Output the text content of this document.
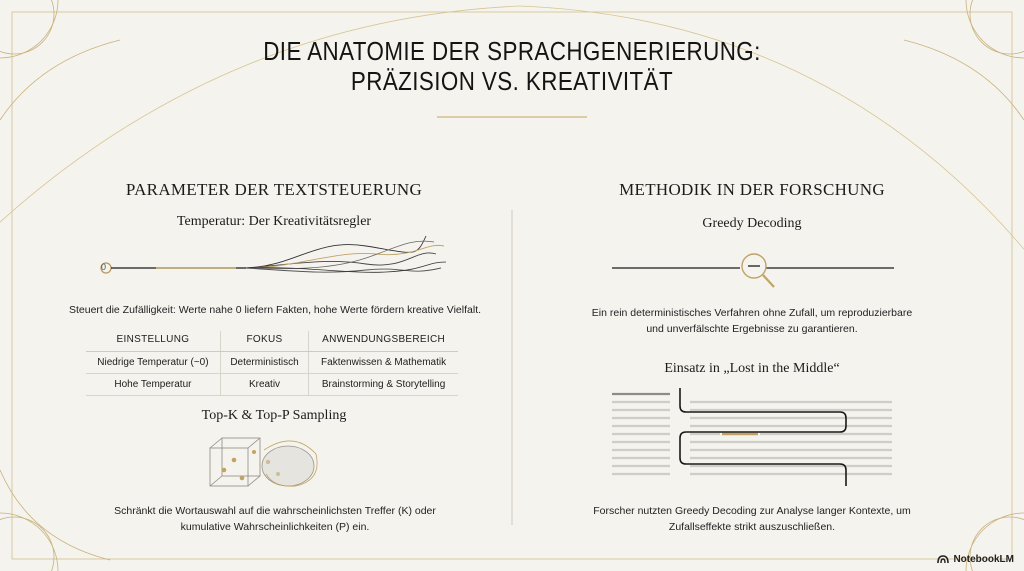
DIE ANATOMIE DER SPRACHGENERIERUNG:
PRÄZISION VS. KREATIVITÄT
PARAMETER DER TEXTSTEUERUNG
Temperatur: Der Kreativitätsregler
0
Steuert die Zufälligkeit: Werte nahe 0 liefern Fakten, hohe Werte fördern kreative Vielfalt.
EINSTELLUNG	FOKUS	ANWENDUNGSBEREICH
Niedrige Temperatur (~0)	Deterministisch	Faktenwissen & Mathematik
Hohe Temperatur	Kreativ	Brainstorming & Storytelling
Top-K & Top-P Sampling
Schränkt die Wortauswahl auf die wahrscheinlichsten Treffer (K) oder
kumulative Wahrscheinlichkeiten (P) ein.
METHODIK IN DER FORSCHUNG
Greedy Decoding
Ein rein deterministisches Verfahren ohne Zufall, um reproduzierbare
und unverfälschte Ergebnisse zu garantieren.
Einsatz in „Lost in the Middle“
Forscher nutzten Greedy Decoding zur Analyse langer Kontexte, um
Zufallseffekte strikt auszuschließen.
NotebookLM
